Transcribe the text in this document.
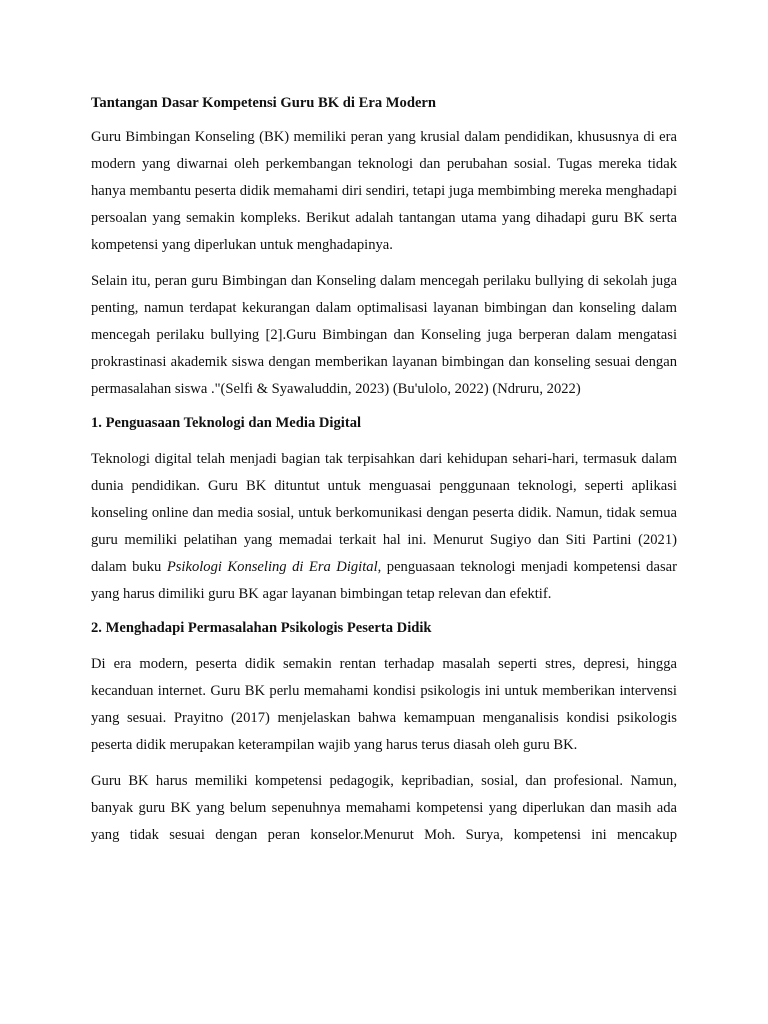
Tantangan Dasar Kompetensi Guru BK di Era Modern

Guru Bimbingan Konseling (BK) memiliki peran yang krusial dalam pendidikan, khususnya di era modern yang diwarnai oleh perkembangan teknologi dan perubahan sosial. Tugas mereka tidak hanya membantu peserta didik memahami diri sendiri, tetapi juga membimbing mereka menghadapi persoalan yang semakin kompleks. Berikut adalah tantangan utama yang dihadapi guru BK serta kompetensi yang diperlukan untuk menghadapinya.

Selain itu, peran guru Bimbingan dan Konseling dalam mencegah perilaku bullying di sekolah juga penting, namun terdapat kekurangan dalam optimalisasi layanan bimbingan dan konseling dalam mencegah perilaku bullying [2].Guru Bimbingan dan Konseling juga berperan dalam mengatasi prokrastinasi akademik siswa dengan memberikan layanan bimbingan dan konseling sesuai dengan permasalahan siswa ."(Selfi & Syawaluddin, 2023) (Bu'ulolo, 2022) (Ndruru, 2022)

1. Penguasaan Teknologi dan Media Digital

Teknologi digital telah menjadi bagian tak terpisahkan dari kehidupan sehari-hari, termasuk dalam dunia pendidikan. Guru BK dituntut untuk menguasai penggunaan teknologi, seperti aplikasi konseling online dan media sosial, untuk berkomunikasi dengan peserta didik. Namun, tidak semua guru memiliki pelatihan yang memadai terkait hal ini. Menurut Sugiyo dan Siti Partini (2021) dalam buku Psikologi Konseling di Era Digital, penguasaan teknologi menjadi kompetensi dasar yang harus dimiliki guru BK agar layanan bimbingan tetap relevan dan efektif.

2. Menghadapi Permasalahan Psikologis Peserta Didik

Di era modern, peserta didik semakin rentan terhadap masalah seperti stres, depresi, hingga kecanduan internet. Guru BK perlu memahami kondisi psikologis ini untuk memberikan intervensi yang sesuai. Prayitno (2017) menjelaskan bahwa kemampuan menganalisis kondisi psikologis peserta didik merupakan keterampilan wajib yang harus terus diasah oleh guru BK.

Guru BK harus memiliki kompetensi pedagogik, kepribadian, sosial, dan profesional. Namun, banyak guru BK yang belum sepenuhnya memahami kompetensi yang diperlukan dan masih ada yang tidak sesuai dengan peran konselor.Menurut Moh. Surya, kompetensi ini mencakup
